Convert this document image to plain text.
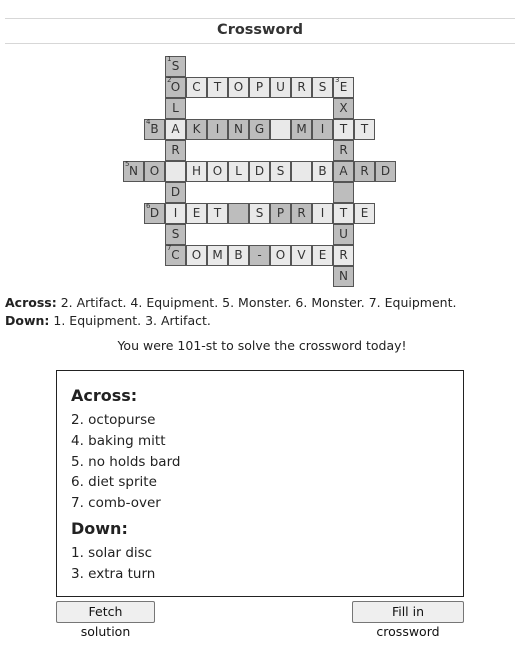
Crossword
1 S
2 O	C	T	O	P	U	R	S	3 E
L	X
4 B	A	K	I	N G	M	I	T	T
R	R
5 N O	H O	L	D	S	B	A	R	D
D
6 D	I	E	T	S	P	R	I	T	E
S	U
7 C	O M B	-	O	V	E	R
N
Across: 2. Artifact. 4. Equipment. 5. Monster. 6. Monster. 7. Equipment.
Down: 1. Equipment. 3. Artifact.
You were 101-st to solve the crossword today!
Across:
2. octopurse
4. baking mitt
5. no holds bard
6. diet sprite
7. comb-over
Down:
1. solar disc
3. extra turn
Fetch solution
Fill in crossword
